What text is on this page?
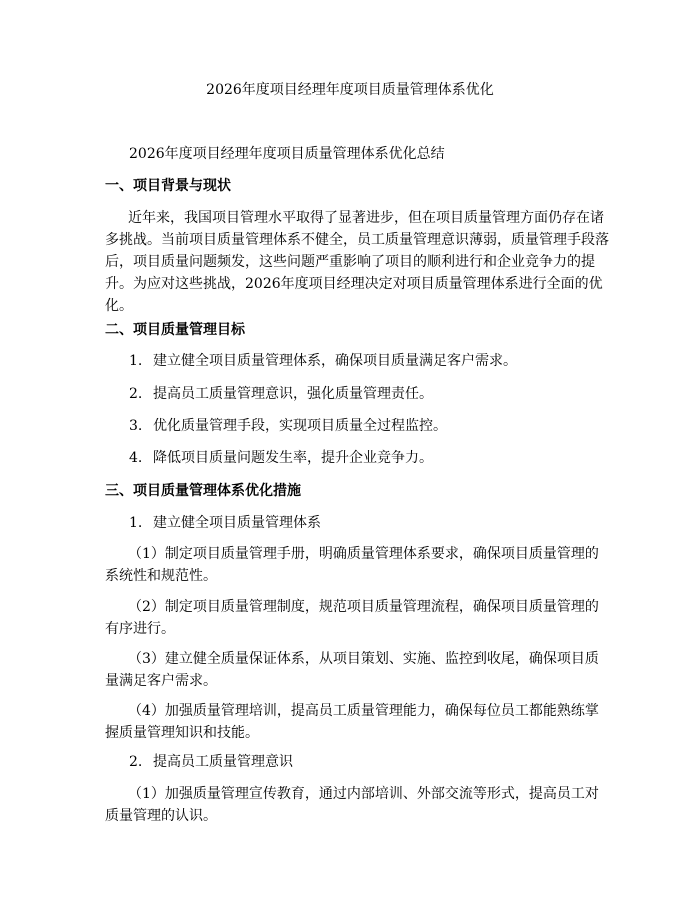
2026年度项目经理年度项目质量管理体系优化
2026年度项目经理年度项目质量管理体系优化总结
一、项目背景与现状
近年来，我国项目管理水平取得了显著进步，但在项目质量管理方面仍存在诸
多挑战。当前项目质量管理体系不健全，员工质量管理意识薄弱，质量管理手段落
后，项目质量问题频发，这些问题严重影响了项目的顺利进行和企业竞争力的提
升。为应对这些挑战，2026年度项目经理决定对项目质量管理体系进行全面的优
化。
二、项目质量管理目标
1. 建立健全项目质量管理体系，确保项目质量满足客户需求。
2. 提高员工质量管理意识，强化质量管理责任。
3. 优化质量管理手段，实现项目质量全过程监控。
4. 降低项目质量问题发生率，提升企业竞争力。
三、项目质量管理体系优化措施
1. 建立健全项目质量管理体系
（1）制定项目质量管理手册，明确质量管理体系要求，确保项目质量管理的
系统性和规范性。
（2）制定项目质量管理制度，规范项目质量管理流程，确保项目质量管理的
有序进行。
（3）建立健全质量保证体系，从项目策划、实施、监控到收尾，确保项目质
量满足客户需求。
（4）加强质量管理培训，提高员工质量管理能力，确保每位员工都能熟练掌
握质量管理知识和技能。
2. 提高员工质量管理意识
（1）加强质量管理宣传教育，通过内部培训、外部交流等形式，提高员工对
质量管理的认识。
